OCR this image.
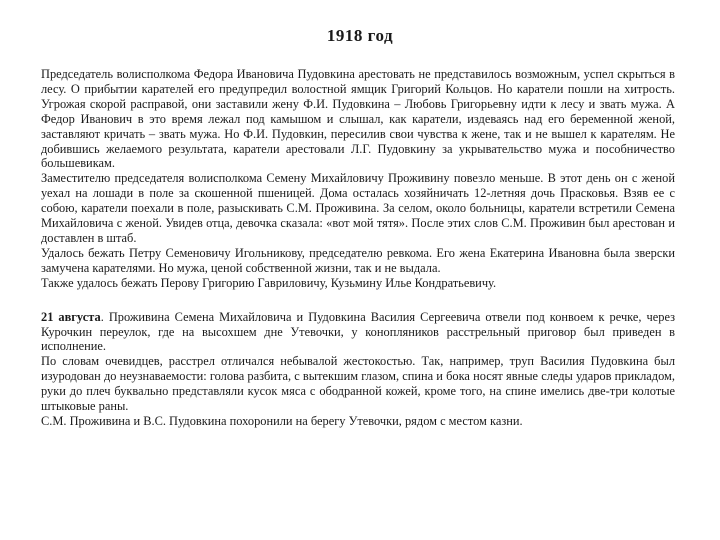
1918 год

Председатель волисполкома Федора Ивановича Пудовкина арестовать не представилось возможным, успел скрыться в лесу. О прибытии карателей его предупредил волостной ямщик Григорий Кольцов. Но каратели пошли на хитрость. Угрожая скорой расправой, они заставили жену Ф.И. Пудовкина – Любовь Григорьевну идти к лесу и звать мужа. А Федор Иванович в это время лежал под камышом и слышал, как каратели, издеваясь над его беременной женой, заставляют кричать – звать мужа. Но Ф.И. Пудовкин, пересилив свои чувства к жене, так и не вышел к карателям. Не добившись желаемого результата, каратели арестовали Л.Г. Пудовкину за укрывательство мужа и пособничество большевикам.

Заместителю председателя волисполкома Семену Михайловичу Проживину повезло меньше. В этот день он с женой уехал на лошади в поле за скошенной пшеницей. Дома осталась хозяйничать 12-летняя дочь Прасковья. Взяв ее с собою, каратели поехали в поле, разыскивать С.М. Проживина. За селом, около больницы, каратели встретили Семена Михайловича с женой. Увидев отца, девочка сказала: «вот мой тятя». После этих слов С.М. Проживин был арестован и доставлен в штаб.

Удалось бежать Петру Семеновичу Игольникову, председателю ревкома. Его жена Екатерина Ивановна была зверски замучена карателями. Но мужа, ценой собственной жизни, так и не выдала.

Также удалось бежать Перову Григорию Гавриловичу, Кузьмину Илье Кондратьевичу.

21 августа. Проживина Семена Михайловича и Пудовкина Василия Сергеевича отвели под конвоем к речке, через Курочкин переулок, где на высохшем дне Утевочки, у конопляников расстрельный приговор был приведен в исполнение.

По словам очевидцев, расстрел отличался небывалой жестокостью. Так, например, труп Василия Пудовкина был изуродован до неузнаваемости: голова разбита, с вытекшим глазом, спина и бока носят явные следы ударов прикладом, руки до плеч буквально представляли кусок мяса с ободранной кожей, кроме того, на спине имелись две-три колотые штыковые раны.

С.М. Проживина и В.С. Пудовкина похоронили на берегу Утевочки, рядом с местом казни.
